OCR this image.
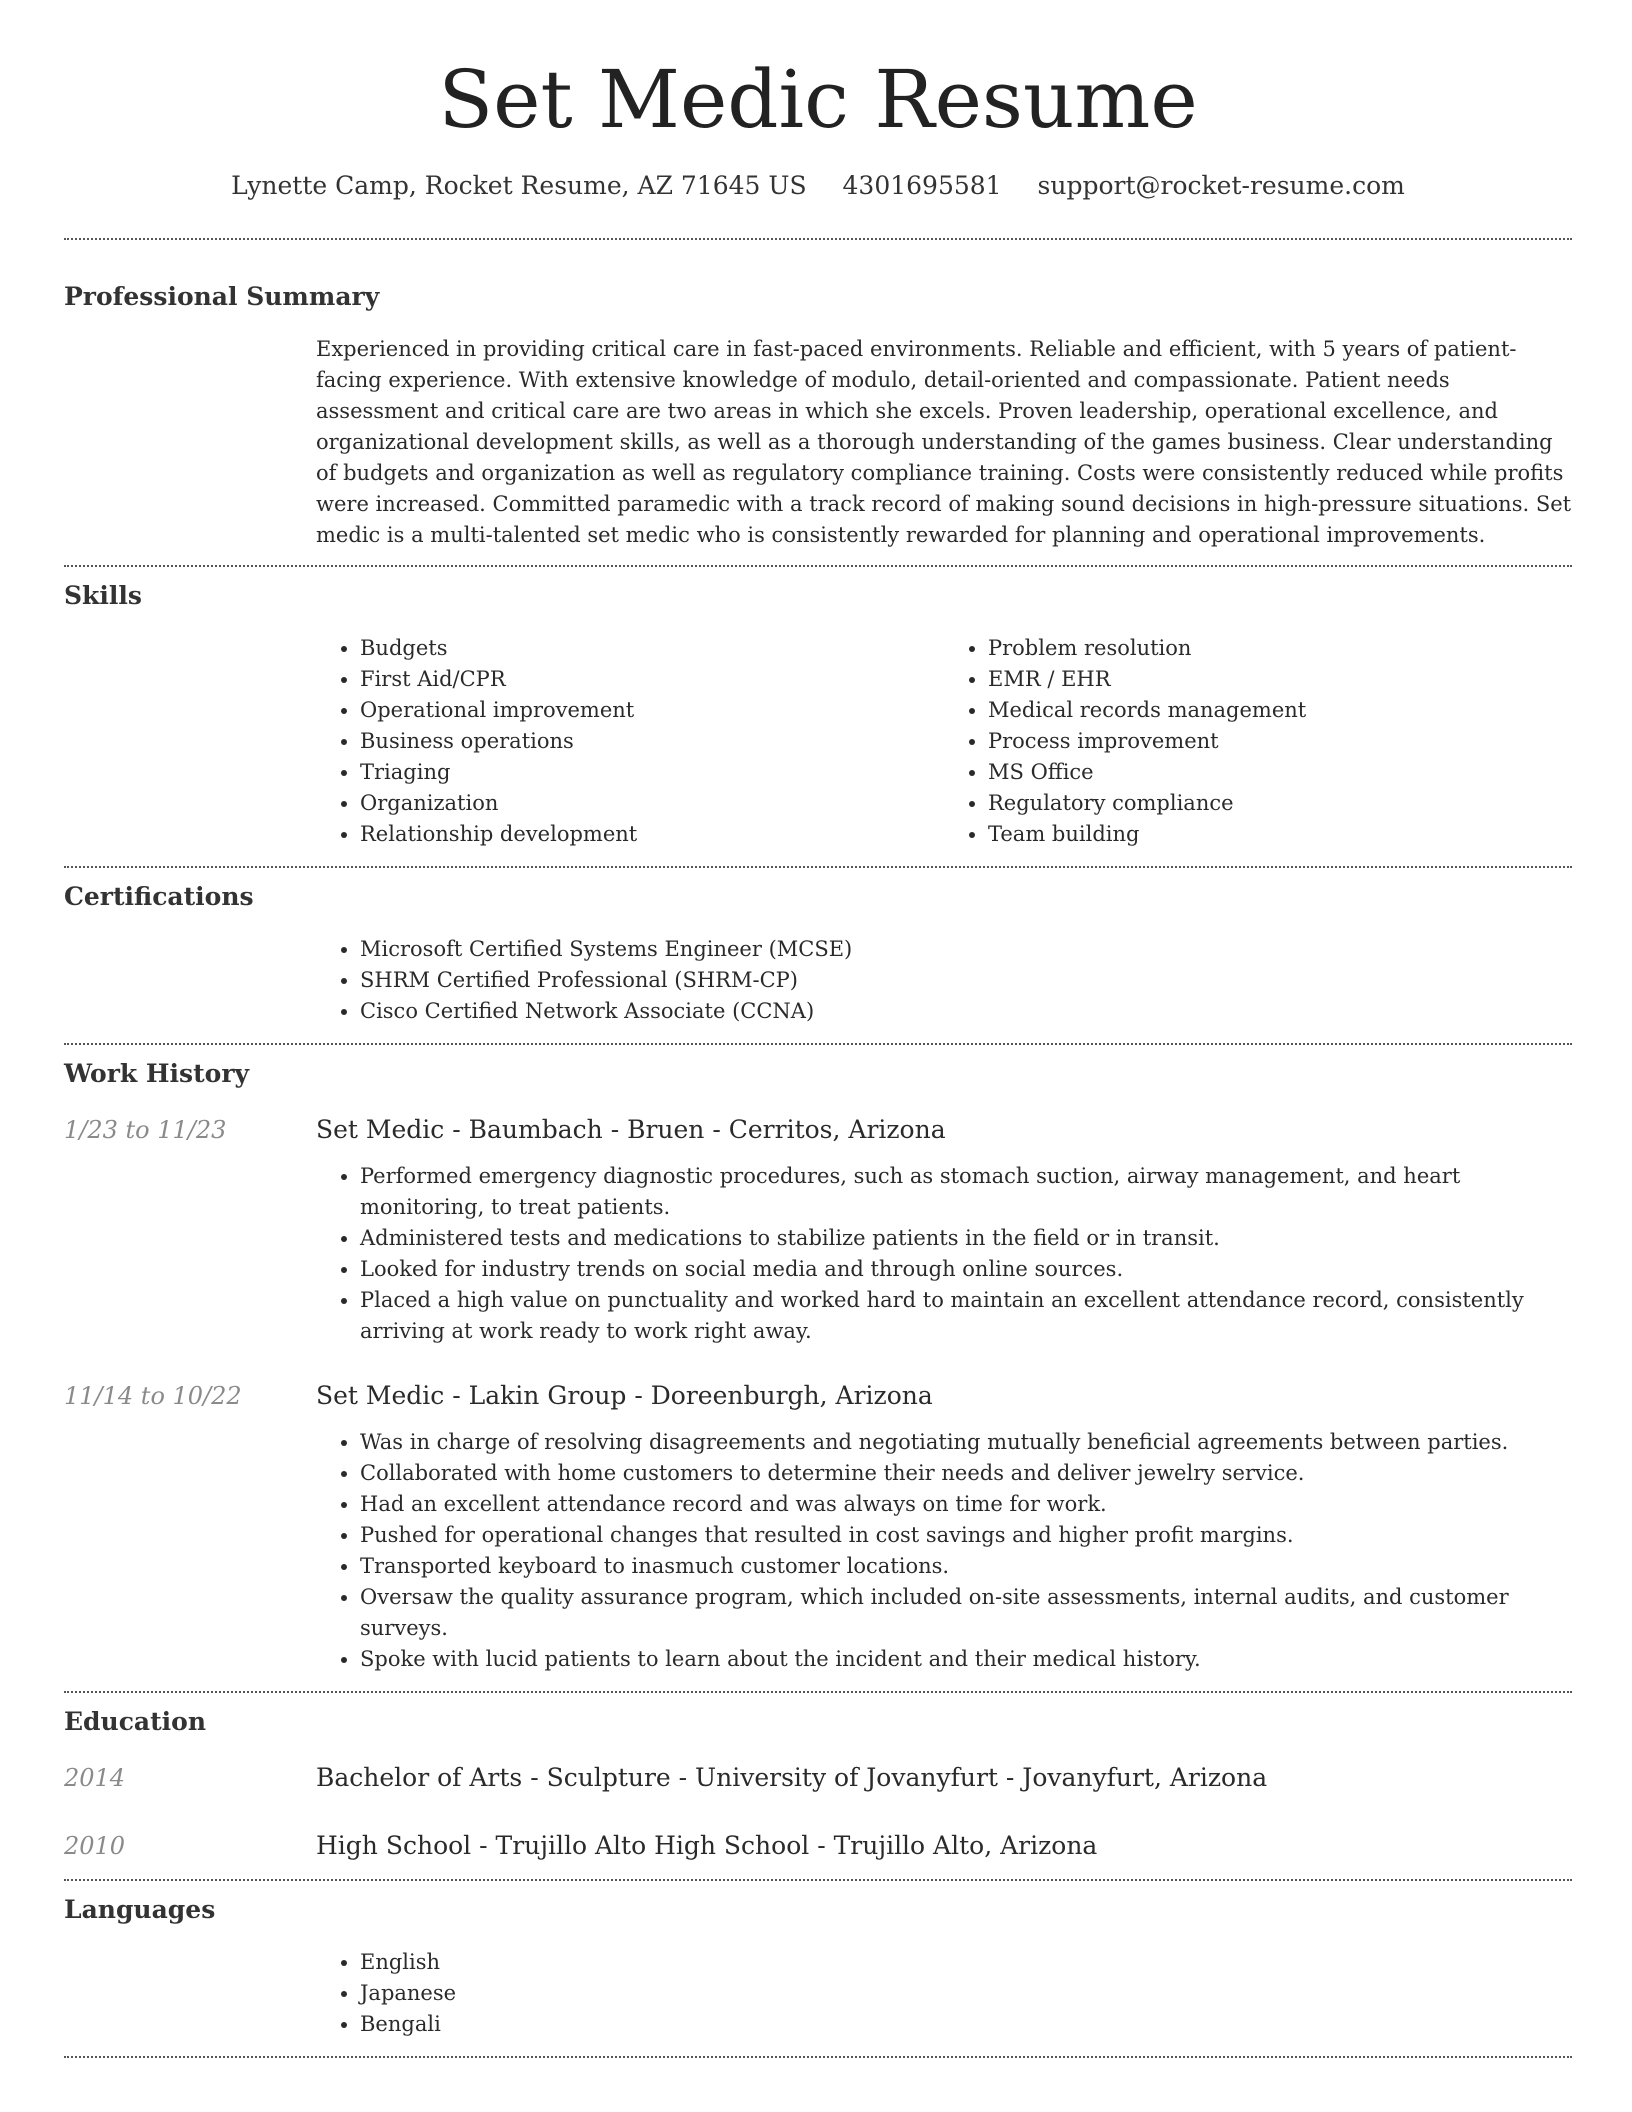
Set Medic Resume
Lynette Camp, Rocket Resume, AZ 71645 US 4301695581 support@rocket-resume.com
Professional Summary

Experienced in providing critical care in fast-paced environments. Reliable and efficient, with 5 years of patient-facing experience. With extensive knowledge of modulo, detail-oriented and compassionate. Patient needs assessment and critical care are two areas in which she excels. Proven leadership, operational excellence, and organizational development skills, as well as a thorough understanding of the games business. Clear understanding of budgets and organization as well as regulatory compliance training. Costs were consistently reduced while profits were increased. Committed paramedic with a track record of making sound decisions in high-pressure situations. Set medic is a multi-talented set medic who is consistently rewarded for planning and operational improvements.

Skills
• Budgets
• First Aid/CPR
• Operational improvement
• Business operations
• Triaging
• Organization
• Relationship development
• Problem resolution
• EMR / EHR
• Medical records management
• Process improvement
• MS Office
• Regulatory compliance
• Team building
Certifications
• Microsoft Certified Systems Engineer (MCSE)
• SHRM Certified Professional (SHRM-CP)
• Cisco Certified Network Associate (CCNA)
Work History
1/23 to 11/23	Set Medic - Baumbach - Bruen - Cerritos, Arizona
• Performed emergency diagnostic procedures, such as stomach suction, airway management, and heart monitoring, to treat patients.
• Administered tests and medications to stabilize patients in the field or in transit.
• Looked for industry trends on social media and through online sources.
• Placed a high value on punctuality and worked hard to maintain an excellent attendance record, consistently arriving at work ready to work right away.
11/14 to 10/22	Set Medic - Lakin Group - Doreenburgh, Arizona
• Was in charge of resolving disagreements and negotiating mutually beneficial agreements between parties.
• Collaborated with home customers to determine their needs and deliver jewelry service.
• Had an excellent attendance record and was always on time for work.
• Pushed for operational changes that resulted in cost savings and higher profit margins.
• Transported keyboard to inasmuch customer locations.
• Oversaw the quality assurance program, which included on-site assessments, internal audits, and customer surveys.
• Spoke with lucid patients to learn about the incident and their medical history.
Education
2014	Bachelor of Arts - Sculpture - University of Jovanyfurt - Jovanyfurt, Arizona
2010	High School - Trujillo Alto High School - Trujillo Alto, Arizona
Languages
• English
• Japanese
• Bengali
